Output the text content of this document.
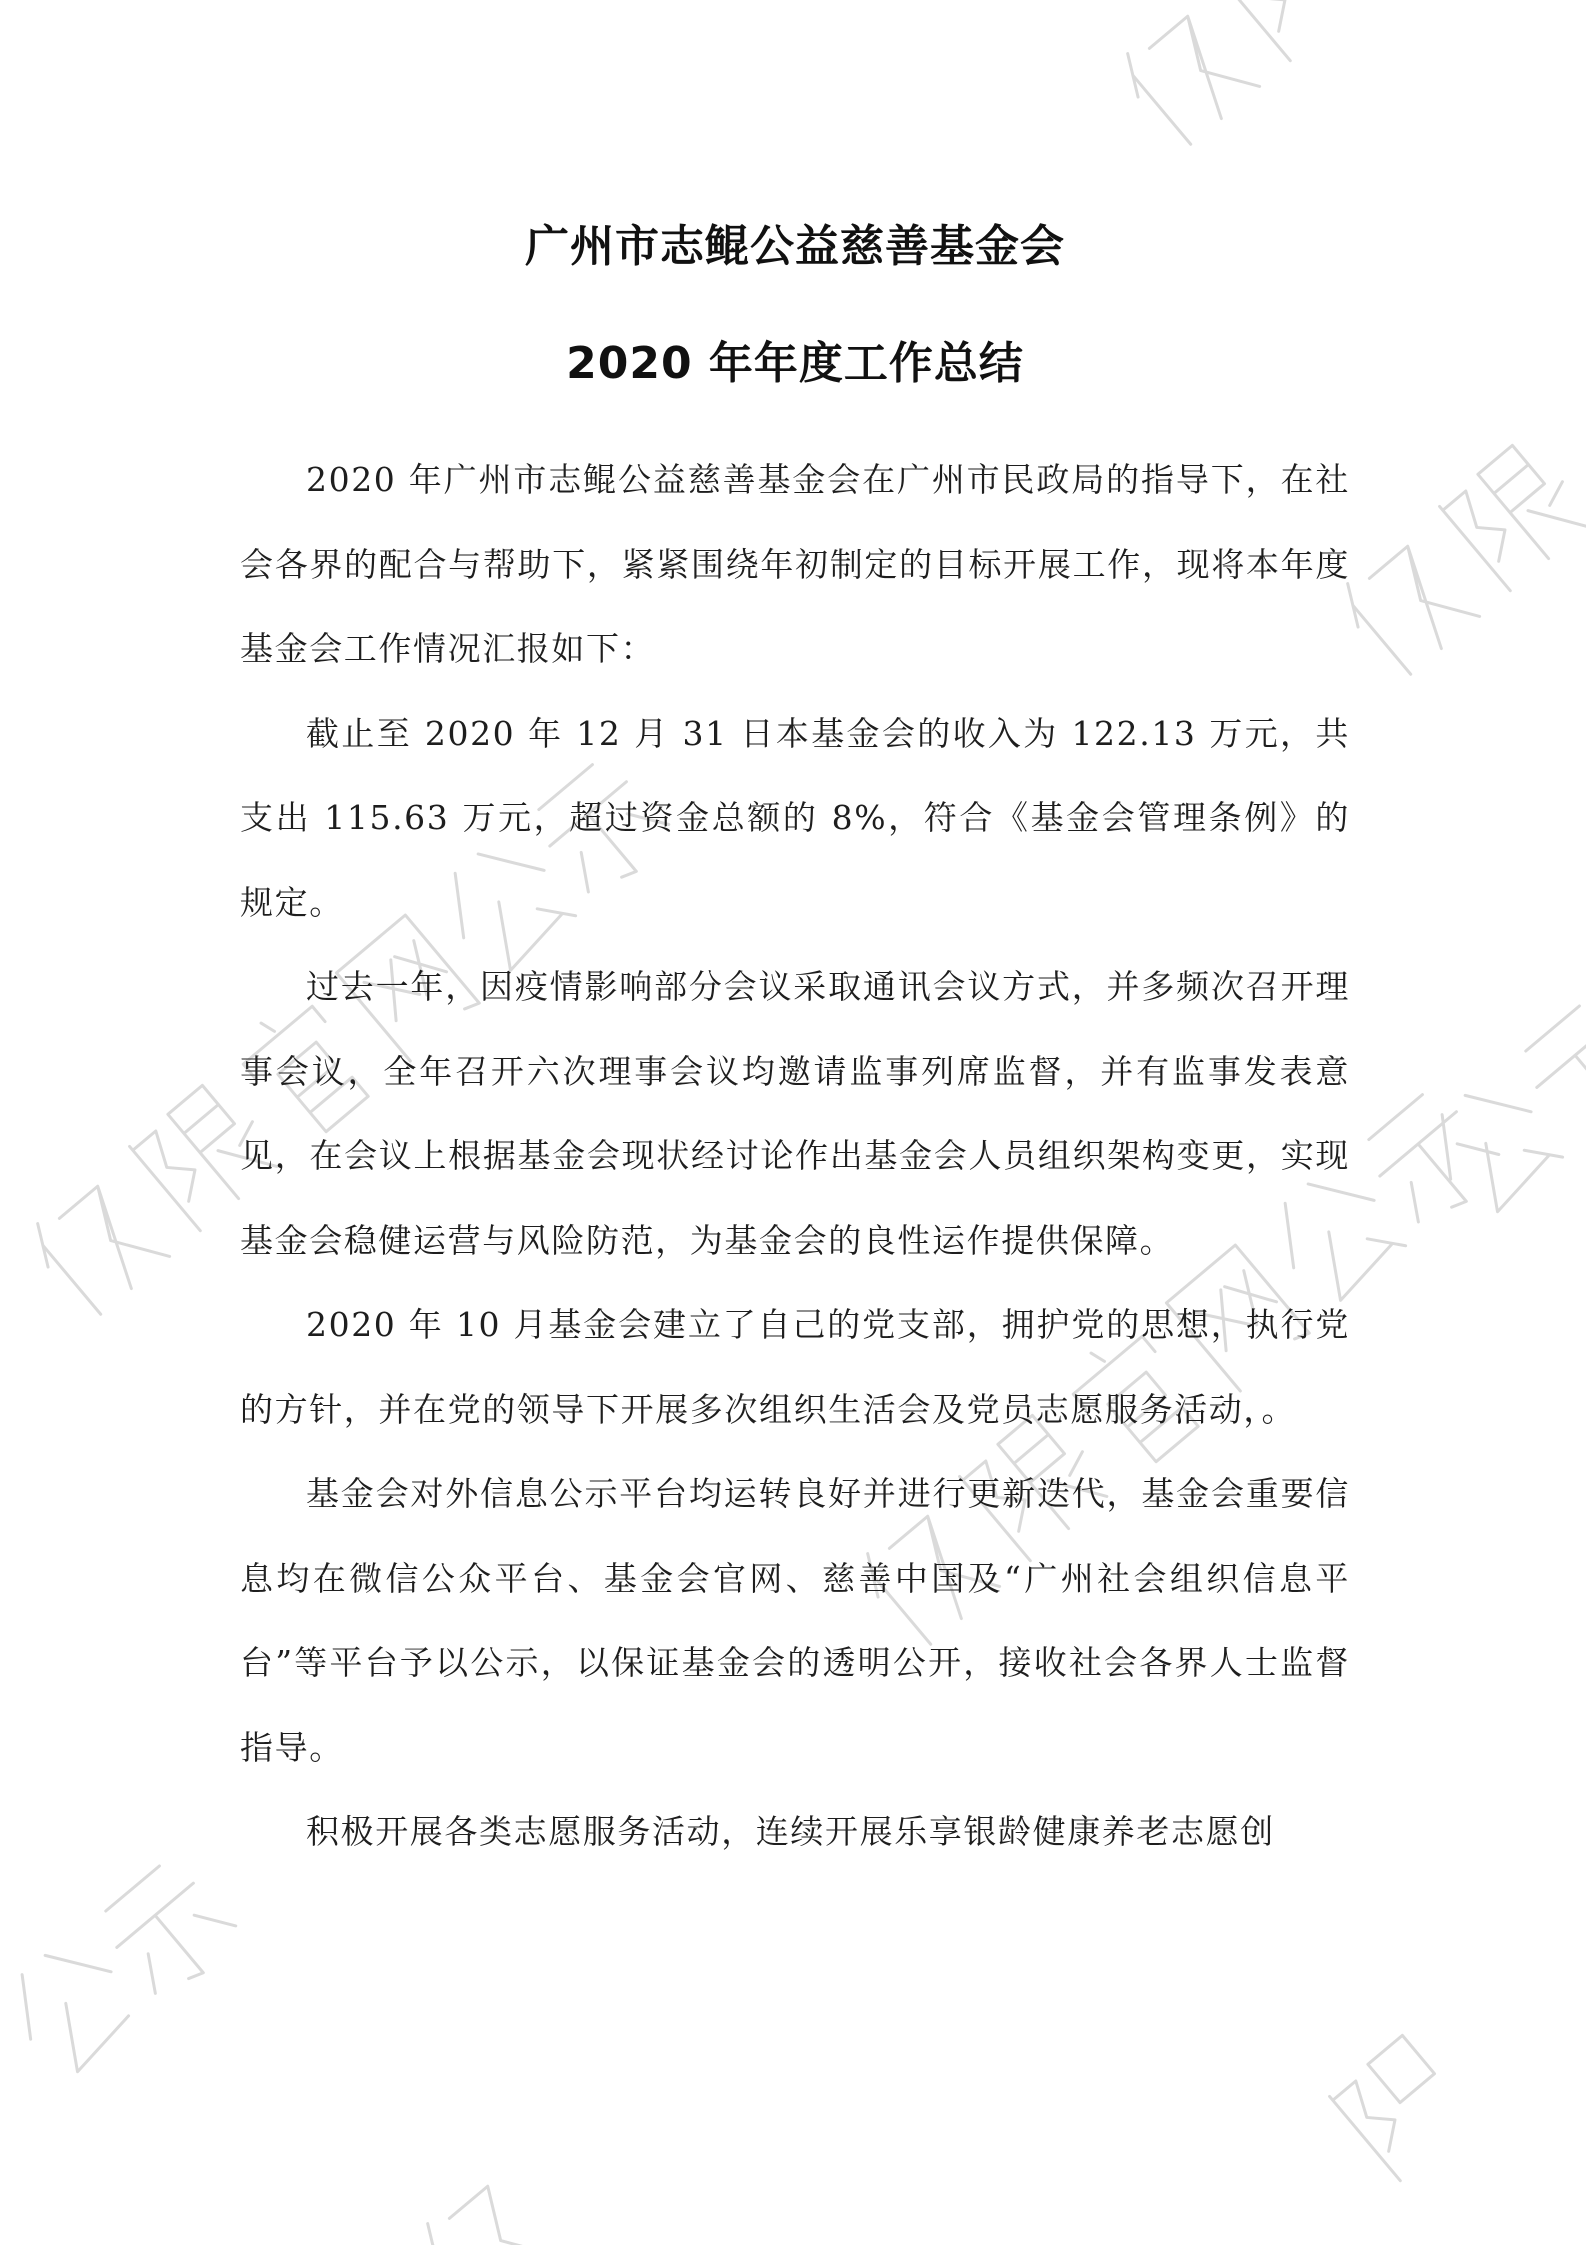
广州市志鲲公益慈善基金会
2020 年年度工作总结

2020 年广州市志鲲公益慈善基金会在广州市民政局的指导下，在社会各界的配合与帮助下，紧紧围绕年初制定的目标开展工作，现将本年度基金会工作情况汇报如下：

截止至 2020 年 12 月 31 日本基金会的收入为 122.13 万元，共支出 115.63 万元，超过资金总额的 8%，符合《基金会管理条例》的规定。

过去一年，因疫情影响部分会议采取通讯会议方式，并多频次召开理事会议，全年召开六次理事会议均邀请监事列席监督，并有监事发表意见，在会议上根据基金会现状经讨论作出基金会人员组织架构变更，实现基金会稳健运营与风险防范，为基金会的良性运作提供保障。

2020 年 10 月基金会建立了自己的党支部，拥护党的思想，执行党的方针，并在党的领导下开展多次组织生活会及党员志愿服务活动，。

基金会对外信息公示平台均运转良好并进行更新迭代，基金会重要信息均在微信公众平台、基金会官网、慈善中国及“广州社会组织信息平台”等平台予以公示，以保证基金会的透明公开，接收社会各界人士监督指导。

积极开展各类志愿服务活动，连续开展乐享银龄健康养老志愿创
